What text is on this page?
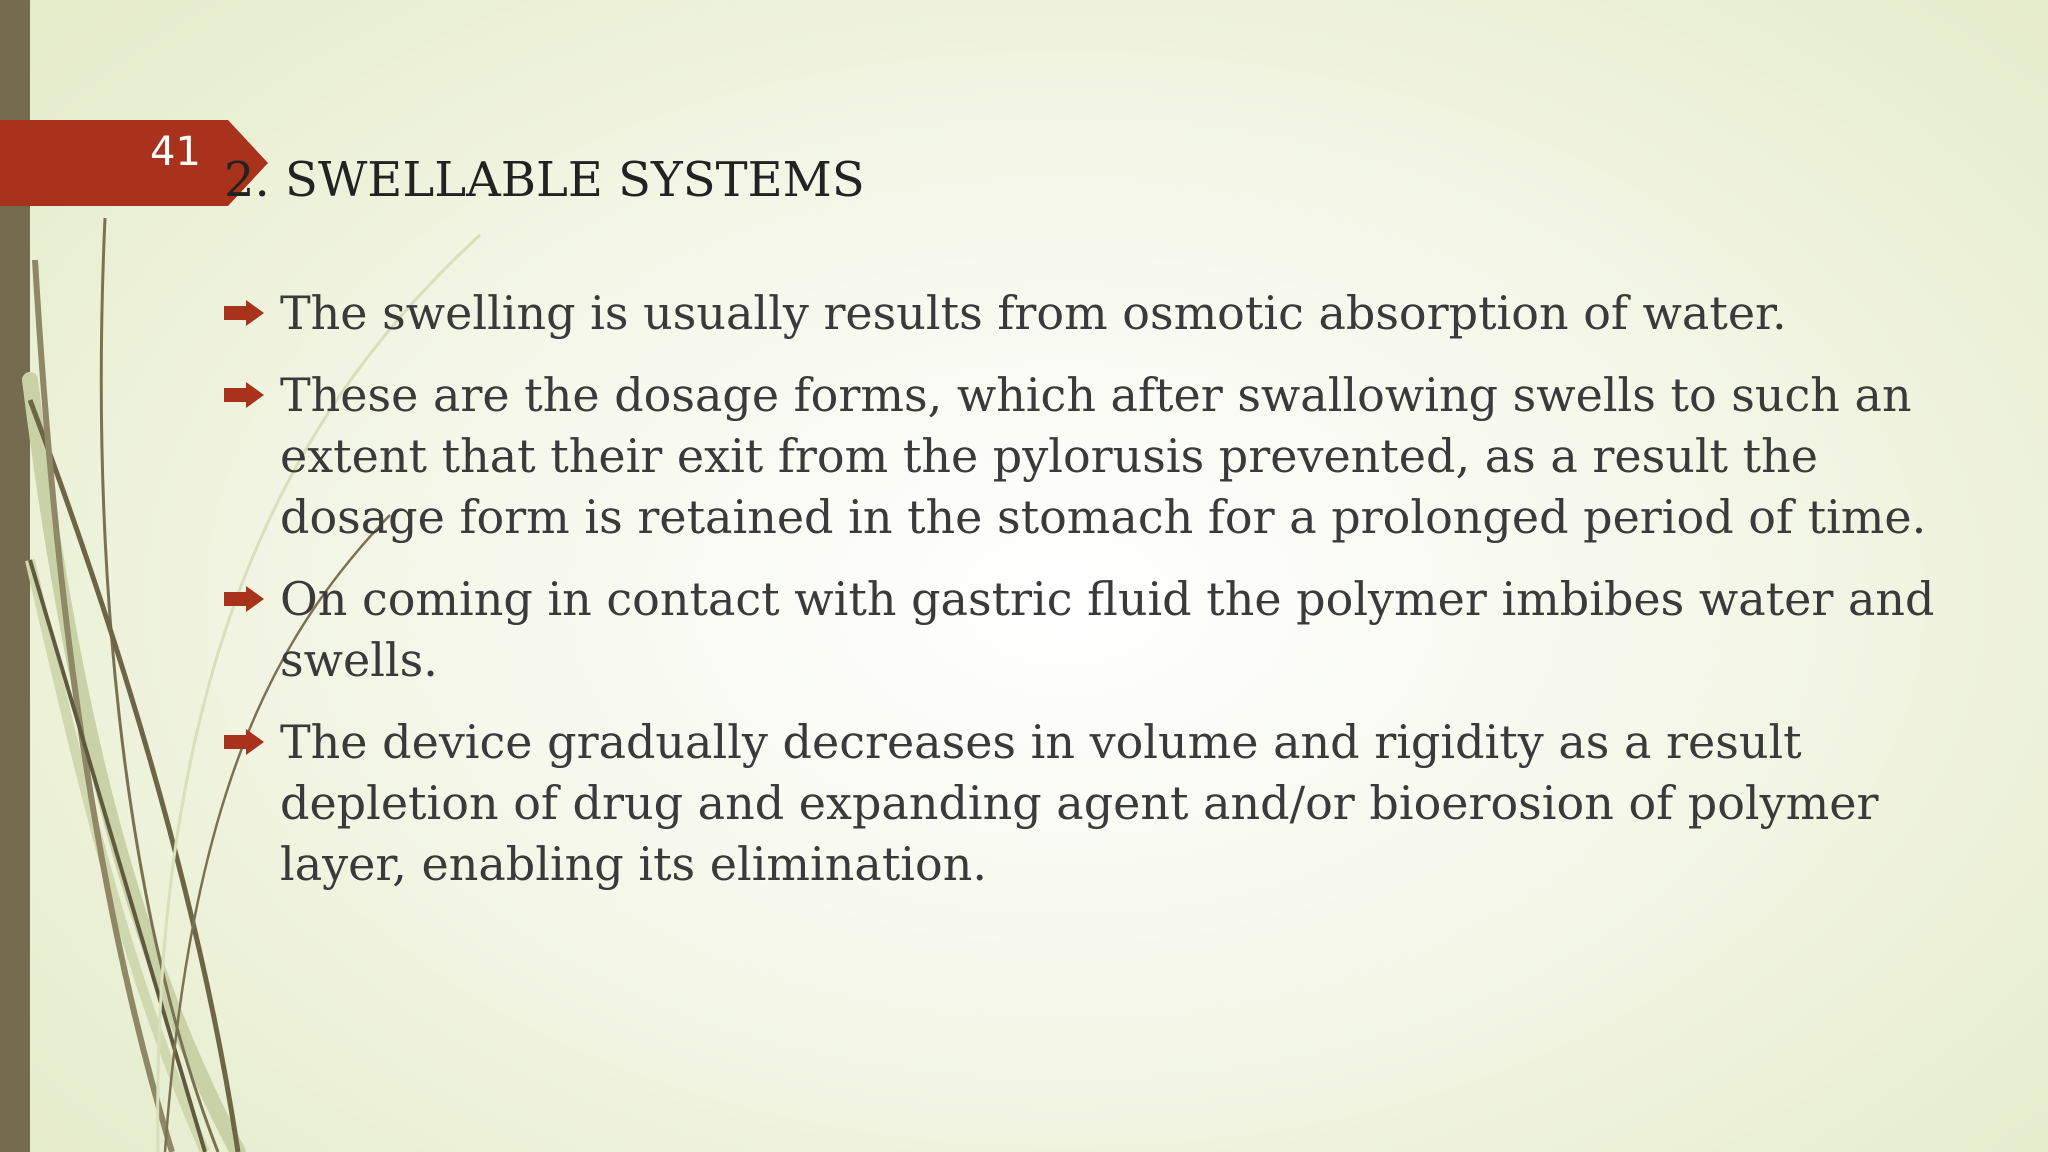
41 2. SWELLABLE SYSTEMS
The swelling is usually results from osmotic absorption of water.
These are the dosage forms, which after swallowing swells to such an extent that their exit from the pylorusis prevented, as a result the dosage form is retained in the stomach for a prolonged period of time.
On coming in contact with gastric fluid the polymer imbibes water and swells.
The device gradually decreases in volume and rigidity as a result depletion of drug and expanding agent and/or bioerosion of polymer layer, enabling its elimination.
